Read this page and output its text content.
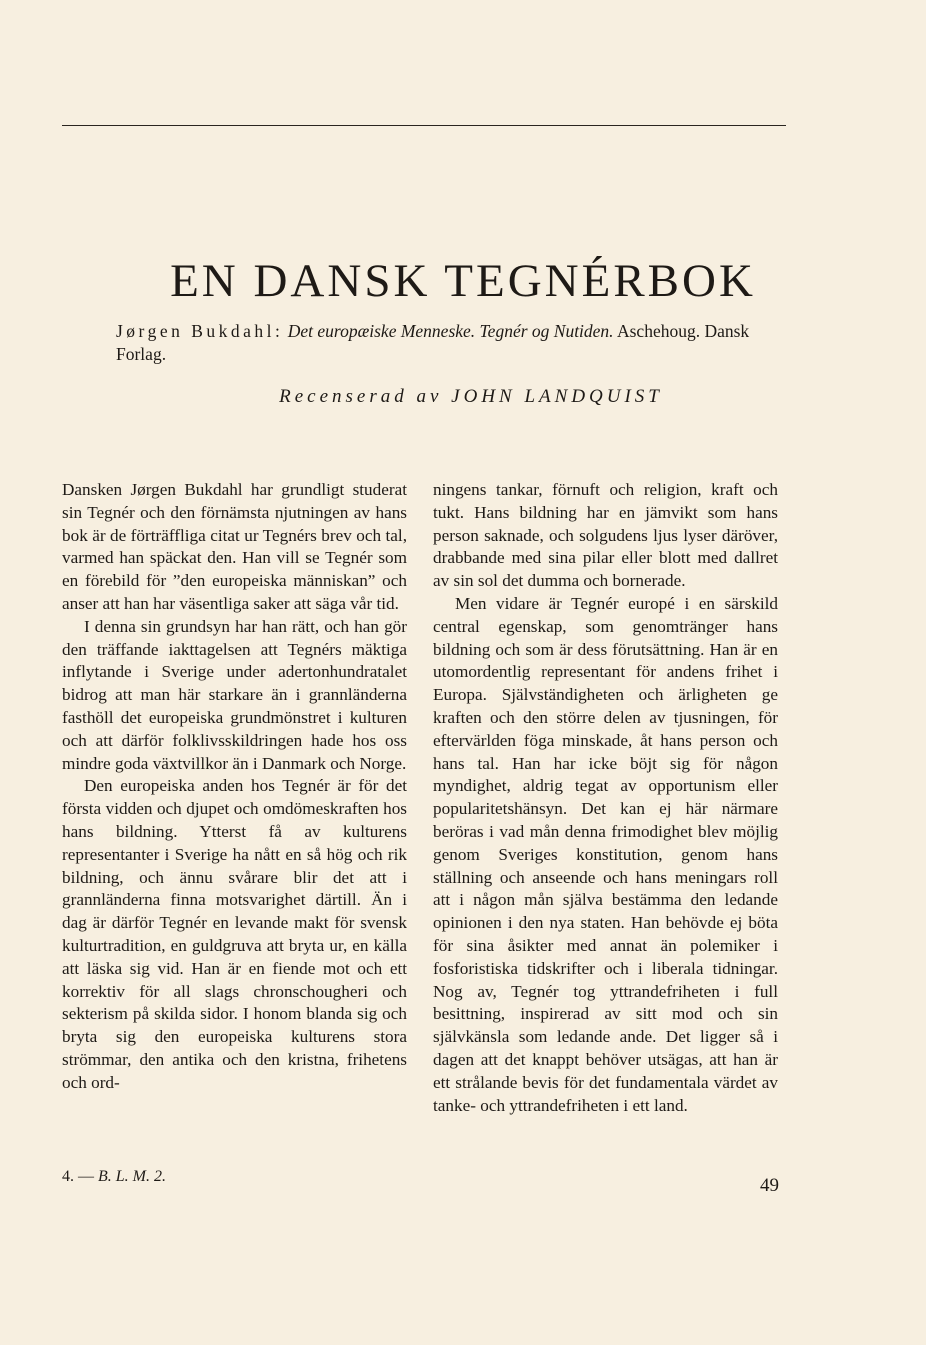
EN DANSK TEGNÉRBOK
Jørgen Bukdahl: Det europæiske Menneske. Tegnér og Nutiden. Aschehoug. Dansk Forlag.
Recenserad av JOHN LANDQUIST

Dansken Jørgen Bukdahl har grundligt studerat sin Tegnér och den förnämsta njutningen av hans bok är de förträffliga citat ur Tegnérs brev och tal, varmed han späckat den. Han vill se Tegnér som en förebild för ”den europeiska människan” och anser att han har väsentliga saker att säga vår tid.

I denna sin grundsyn har han rätt, och han gör den träffande iakttagelsen att Tegnérs mäktiga inflytande i Sverige under adertonhundratalet bidrog att man här starkare än i grannländerna fasthöll det europeiska grundmönstret i kulturen och att därför folklivsskildringen hade hos oss mindre goda växtvillkor än i Danmark och Norge.

Den europeiska anden hos Tegnér är för det första vidden och djupet och omdömeskraften hos hans bildning. Ytterst få av kulturens representanter i Sverige ha nått en så hög och rik bildning, och ännu svårare blir det att i grannländerna finna motsvarighet därtill. Än i dag är därför Tegnér en levande makt för svensk kulturtradition, en guldgruva att bryta ur, en källa att läska sig vid. Han är en fiende mot och ett korrektiv för all slags chronschougheri och sekterism på skilda sidor. I honom blanda sig och bryta sig den europeiska kulturens stora strömmar, den antika och den kristna, frihetens och ord-

ningens tankar, förnuft och religion, kraft och tukt. Hans bildning har en jämvikt som hans person saknade, och solgudens ljus lyser däröver, drabbande med sina pilar eller blott med dallret av sin sol det dumma och bornerade.

Men vidare är Tegnér europé i en särskild central egenskap, som genomtränger hans bildning och som är dess förutsättning. Han är en utomordentlig representant för andens frihet i Europa. Självständigheten och ärligheten ge kraften och den större delen av tjusningen, för eftervärlden föga minskade, åt hans person och hans tal. Han har icke böjt sig för någon myndighet, aldrig tegat av opportunism eller popularitetshänsyn. Det kan ej här närmare beröras i vad mån denna frimodighet blev möjlig genom Sveriges konstitution, genom hans ställning och anseende och hans meningars roll att i någon mån själva bestämma den ledande opinionen i den nya staten. Han behövde ej böta för sina åsikter med annat än polemiker i fosforistiska tidskrifter och i liberala tidningar. Nog av, Tegnér tog yttrandefriheten i full besittning, inspirerad av sitt mod och sin självkänsla som ledande ande. Det ligger så i dagen att det knappt behöver utsägas, att han är ett strålande bevis för det fundamentala värdet av tanke- och yttrandefriheten i ett land.

4. — B. L. M. 2.	49
